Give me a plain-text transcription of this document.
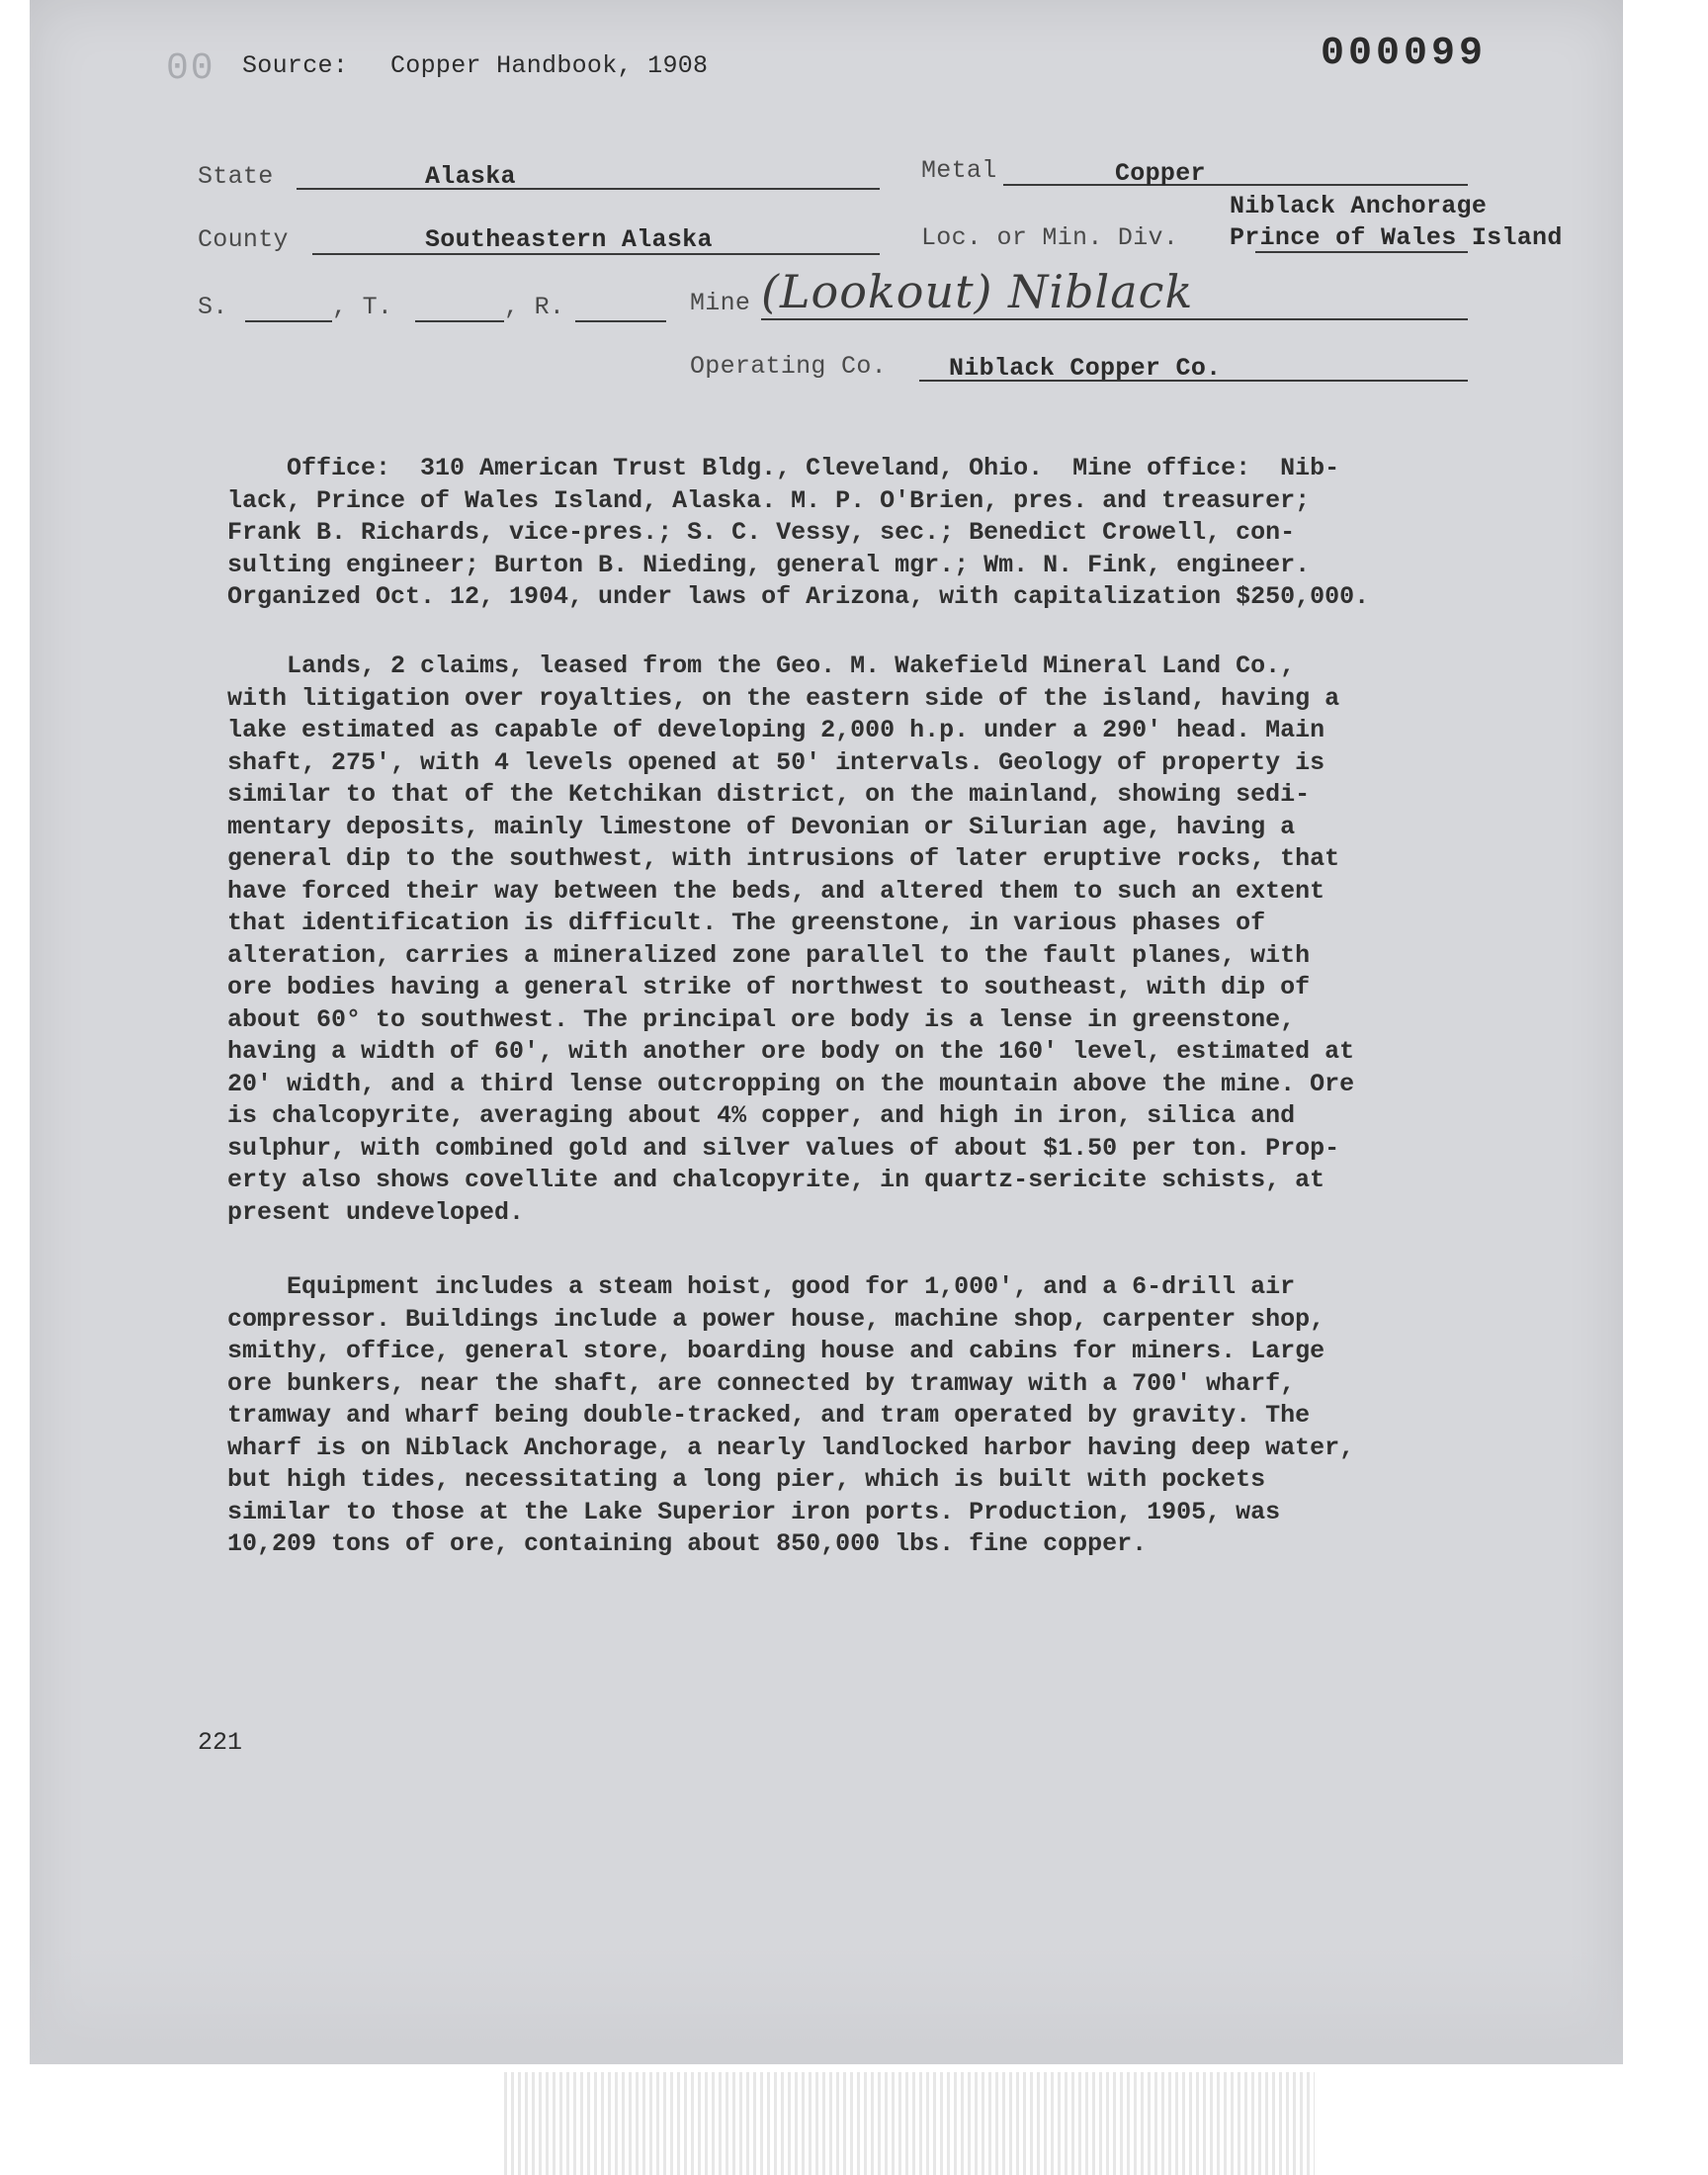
00 Source: Copper Handbook, 1908	000099
State	Alaska	Metal	Copper
County	Southeastern Alaska	Loc. or Min. Div.
Niblack Anchorage
Prince of Wales Island
S.	, T.	, R.	Mine (Lookout) Niblack
Operating Co.	Niblack Copper Co.
Office:  310 American Trust Bldg., Cleveland, Ohio.  Mine office:  Nib-
lack, Prince of Wales Island, Alaska. M. P. O'Brien, pres. and treasurer;
Frank B. Richards, vice-pres.; S. C. Vessy, sec.; Benedict Crowell, con-
sulting engineer; Burton B. Nieding, general mgr.; Wm. N. Fink, engineer.
Organized Oct. 12, 1904, under laws of Arizona, with capitalization $250,000.
Lands, 2 claims, leased from the Geo. M. Wakefield Mineral Land Co.,
with litigation over royalties, on the eastern side of the island, having a
lake estimated as capable of developing 2,000 h.p. under a 290' head. Main
shaft, 275', with 4 levels opened at 50' intervals. Geology of property is
similar to that of the Ketchikan district, on the mainland, showing sedi-
mentary deposits, mainly limestone of Devonian or Silurian age, having a
general dip to the southwest, with intrusions of later eruptive rocks, that
have forced their way between the beds, and altered them to such an extent
that identification is difficult. The greenstone, in various phases of
alteration, carries a mineralized zone parallel to the fault planes, with
ore bodies having a general strike of northwest to southeast, with dip of
about 60° to southwest. The principal ore body is a lense in greenstone,
having a width of 60', with another ore body on the 160' level, estimated at
20' width, and a third lense outcropping on the mountain above the mine. Ore
is chalcopyrite, averaging about 4% copper, and high in iron, silica and
sulphur, with combined gold and silver values of about $1.50 per ton. Prop-
erty also shows covellite and chalcopyrite, in quartz-sericite schists, at
present undeveloped.
Equipment includes a steam hoist, good for 1,000', and a 6-drill air
compressor. Buildings include a power house, machine shop, carpenter shop,
smithy, office, general store, boarding house and cabins for miners. Large
ore bunkers, near the shaft, are connected by tramway with a 700' wharf,
tramway and wharf being double-tracked, and tram operated by gravity. The
wharf is on Niblack Anchorage, a nearly landlocked harbor having deep water,
but high tides, necessitating a long pier, which is built with pockets
similar to those at the Lake Superior iron ports. Production, 1905, was
10,209 tons of ore, containing about 850,000 lbs. fine copper.
221
